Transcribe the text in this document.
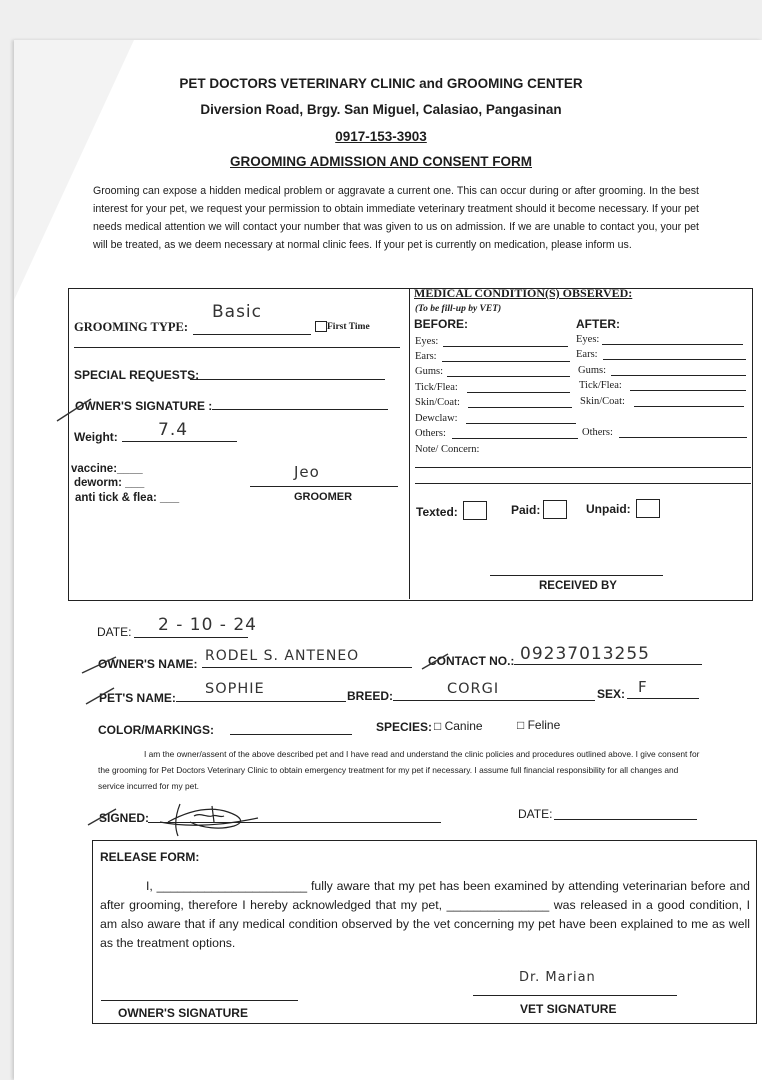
PET DOCTORS VETERINARY CLINIC and GROOMING CENTER
Diversion Road, Brgy. San Miguel, Calasiao, Pangasinan
0917-153-3903
GROOMING ADMISSION AND CONSENT FORM
Grooming can expose a hidden medical problem or aggravate a current one. This can occur during or after grooming. In the best interest for your pet, we request your permission to obtain immediate veterinary treatment should it become necessary. If your pet needs medical attention we will contact your number that was given to us on admission. If we are unable to contact you, your pet will be treated, as we deem necessary at normal clinic fees. If your pet is currently on medication, please inform us.
GROOMING TYPE:
Basic
First Time
SPECIAL REQUESTS:
OWNER'S SIGNATURE :
Weight: 7.4
vaccine:____
deworm: ___
anti tick & flea: ___
Jeo
GROOMER
MEDICAL CONDITION(S) OBSERVED:
(To be fill-up by VET)
BEFORE:	AFTER:
Eyes:
Ears:
Gums:
Tick/Flea:
Skin/Coat:
Dewclaw:
Others:
Eyes:
Ears:
Gums:
Tick/Flea:
Skin/Coat:
Others:
Note/ Concern:
Texted:	Paid:	Unpaid:
RECEIVED BY
DATE: 2 - 10 - 24
OWNER'S NAME: RODEL S. ANTENEO	CONTACT NO.: 09237013255
PET'S NAME:
SOPHIE	BREED:	CORGI	SEX: F
COLOR/MARKINGS:	SPECIES: □ Canine	□ Feline
I am the owner/assent of the above described pet and I have read and understand the clinic policies and procedures outlined above. I give consent for the grooming for Pet Doctors Veterinary Clinic to obtain emergency treatment for my pet if necessary. I assume full financial responsibility for all changes and service incurred for my pet.
SIGNED:	DATE:
RELEASE FORM:
I, ______________________ fully aware that my pet has been examined by attending veterinarian before and after grooming, therefore I hereby acknowledged that my pet, _______________ was released in a good condition, I am also aware that if any medical condition observed by the vet concerning my pet have been explained to me as well as the treatment options.
Dr. Marian
OWNER'S SIGNATURE	VET SIGNATURE
